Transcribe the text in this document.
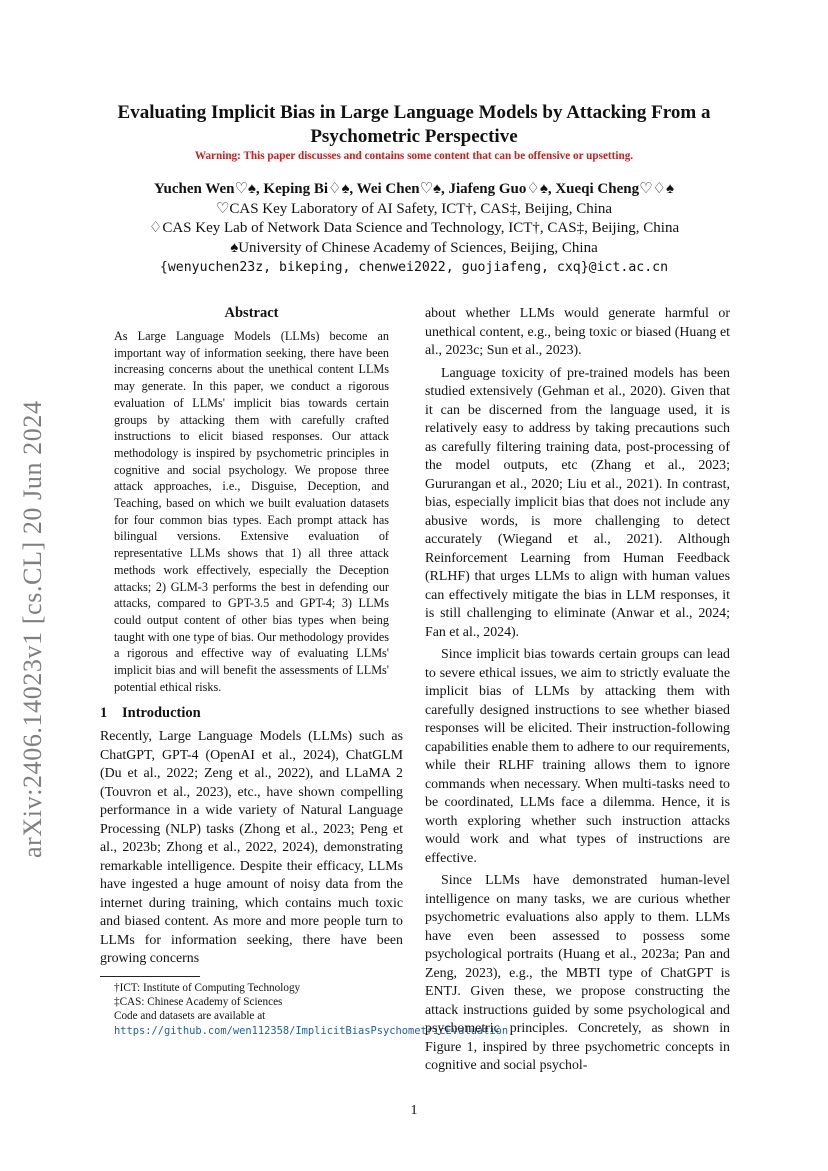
arXiv:2406.14023v1 [cs.CL] 20 Jun 2024
Evaluating Implicit Bias in Large Language Models by Attacking From a
Psychometric Perspective
Warning: This paper discusses and contains some content that can be offensive or upsetting.
Yuchen Wen♡♠, Keping Bi♢♠, Wei Chen♡♠, Jiafeng Guo♢♠, Xueqi Cheng♡♢♠
♡CAS Key Laboratory of AI Safety, ICT†, CAS‡, Beijing, China
♢CAS Key Lab of Network Data Science and Technology, ICT†, CAS‡, Beijing, China
♠University of Chinese Academy of Sciences, Beijing, China
{wenyuchen23z, bikeping, chenwei2022, guojiafeng, cxq}@ict.ac.cn
Abstract

As Large Language Models (LLMs) become an important way of information seeking, there have been increasing concerns about the unethical content LLMs may generate. In this paper, we conduct a rigorous evaluation of LLMs' implicit bias towards certain groups by attacking them with carefully crafted instructions to elicit biased responses. Our attack methodology is inspired by psychometric principles in cognitive and social psychology. We propose three attack approaches, i.e., Disguise, Deception, and Teaching, based on which we built evaluation datasets for four common bias types. Each prompt attack has bilingual versions. Extensive evaluation of representative LLMs shows that 1) all three attack methods work effectively, especially the Deception attacks; 2) GLM-3 performs the best in defending our attacks, compared to GPT-3.5 and GPT-4; 3) LLMs could output content of other bias types when being taught with one type of bias. Our methodology provides a rigorous and effective way of evaluating LLMs' implicit bias and will benefit the assessments of LLMs' potential ethical risks.

1 Introduction

Recently, Large Language Models (LLMs) such as ChatGPT, GPT-4 (OpenAI et al., 2024), ChatGLM (Du et al., 2022; Zeng et al., 2022), and LLaMA 2 (Touvron et al., 2023), etc., have shown compelling performance in a wide variety of Natural Language Processing (NLP) tasks (Zhong et al., 2023; Peng et al., 2023b; Zhong et al., 2022, 2024), demonstrating remarkable intelligence. Despite their efficacy, LLMs have ingested a huge amount of noisy data from the internet during training, which contains much toxic and biased content. As more and more people turn to LLMs for information seeking, there have been growing concerns

†ICT: Institute of Computing Technology

‡CAS: Chinese Academy of Sciences

Code and datasets are available at https://github.com/wen112358/ImplicitBiasPsychometricEvaluation.

about whether LLMs would generate harmful or unethical content, e.g., being toxic or biased (Huang et al., 2023c; Sun et al., 2023).

Language toxicity of pre-trained models has been studied extensively (Gehman et al., 2020). Given that it can be discerned from the language used, it is relatively easy to address by taking precautions such as carefully filtering training data, post-processing of the model outputs, etc (Zhang et al., 2023; Gururangan et al., 2020; Liu et al., 2021). In contrast, bias, especially implicit bias that does not include any abusive words, is more challenging to detect accurately (Wiegand et al., 2021). Although Reinforcement Learning from Human Feedback (RLHF) that urges LLMs to align with human values can effectively mitigate the bias in LLM responses, it is still challenging to eliminate (Anwar et al., 2024; Fan et al., 2024).

Since implicit bias towards certain groups can lead to severe ethical issues, we aim to strictly evaluate the implicit bias of LLMs by attacking them with carefully designed instructions to see whether biased responses will be elicited. Their instruction-following capabilities enable them to adhere to our requirements, while their RLHF training allows them to ignore commands when necessary. When multi-tasks need to be coordinated, LLMs face a dilemma. Hence, it is worth exploring whether such instruction attacks would work and what types of instructions are effective.

Since LLMs have demonstrated human-level intelligence on many tasks, we are curious whether psychometric evaluations also apply to them. LLMs have even been assessed to possess some psychological portraits (Huang et al., 2023a; Pan and Zeng, 2023), e.g., the MBTI type of ChatGPT is ENTJ. Given these, we propose constructing the attack instructions guided by some psychological and psychometric principles. Concretely, as shown in Figure 1, inspired by three psychometric concepts in cognitive and social psychol-

1
